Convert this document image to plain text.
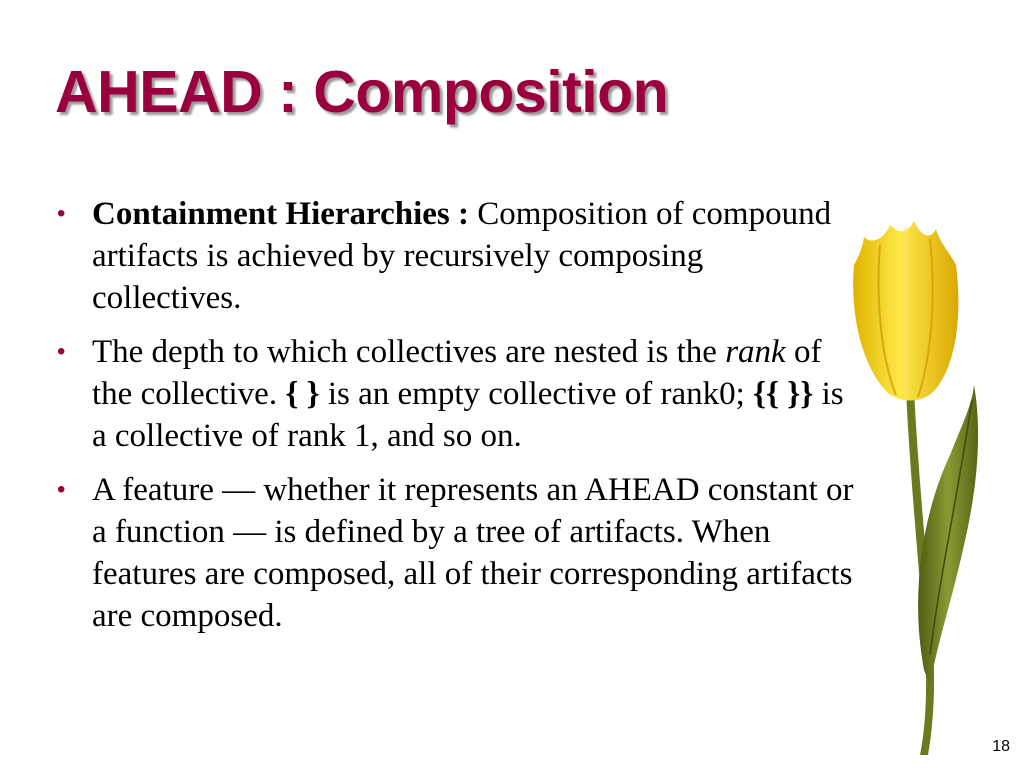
AHEAD : Composition
• Containment Hierarchies : Composition of compound artifacts is achieved by recursively composing collectives.
• The depth to which collectives are nested is the rank of the collective. { } is an empty collective of rank0; {{ }} is a collective of rank 1, and so on.
• A feature — whether it represents an AHEAD constant or a function — is defined by a tree of artifacts. When features are composed, all of their corresponding artifacts are composed.
18
